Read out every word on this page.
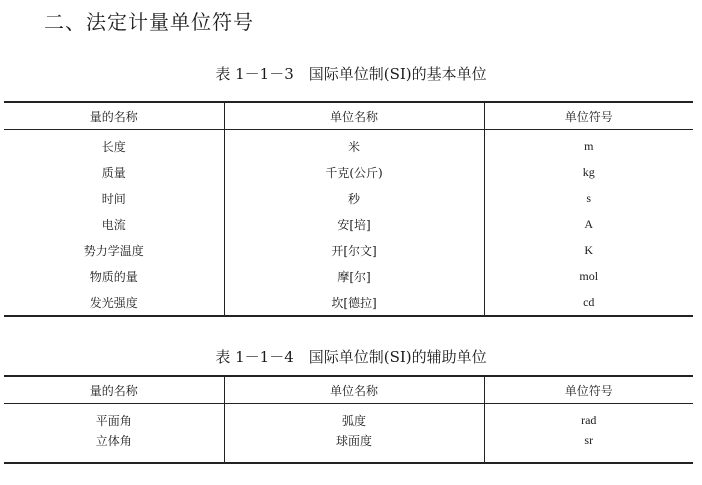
二、法定计量单位符号
表 1－1－3　国际单位制(SI)的基本单位
量的名称	单位名称	单位符号
长度	米	m
质量	千克(公斤)	kg
时间	秒	s
电流	安[培]	A
势力学温度	开[尔文]	K
物质的量	摩[尔]	mol
发光强度	坎[德拉]	cd
表 1－1－4　国际单位制(SI)的辅助单位
量的名称	单位名称	单位符号
平面角	弧度	rad
立体角	球面度	sr
